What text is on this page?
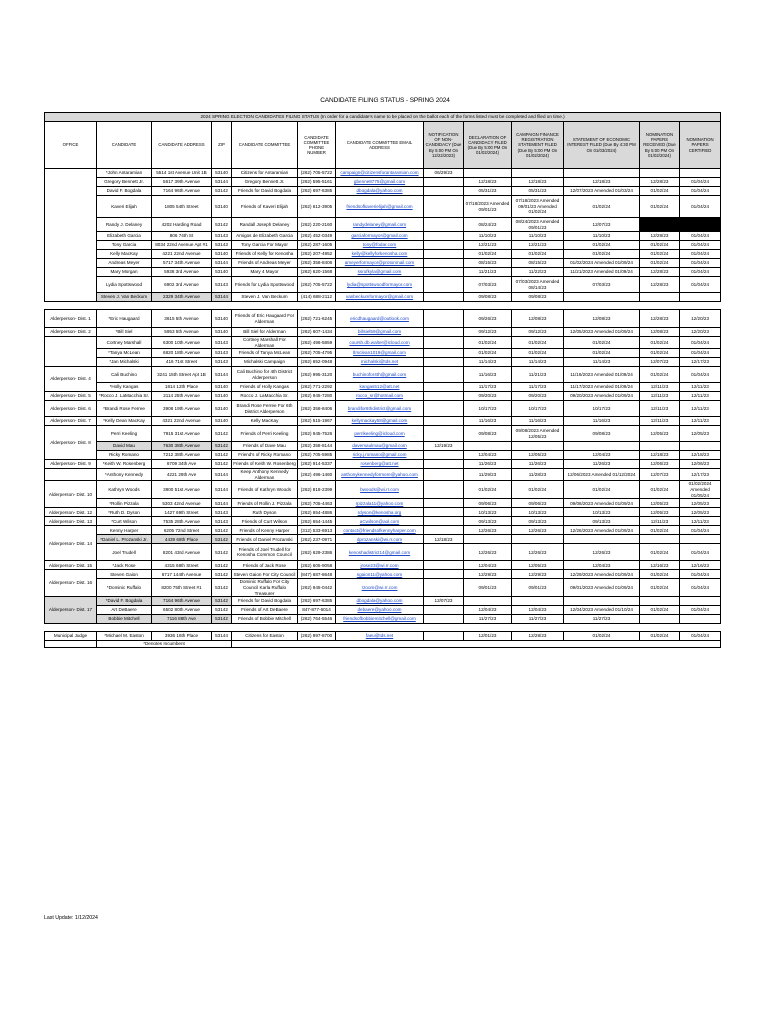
CANDIDATE FILING STATUS - SPRING 2024
2024 SPRING ELECTION CANDIDATES FILING STATUS (In order for a candidate's name to be placed on the ballot each of the forms listed must be completed and filed on time.)												
OFFICE	CANDIDATE	CANDIDATE ADDRESS	ZIP	CANDIDATE COMMITTEE	CANDIDATE COMMITTEE PHONE NUMBER	CANDIDATE COMMITTEE EMAIL ADDRESS	NOTIFICATION OF NON-CANDIDACY (Due By 5:00 PM On 12/22/2023)	DECLARATION OF CANDIDACY FILED (Due By 5:00 PM On 01/02/2024)	CAMPAIGN FINANCE REGISTRATION STATEMENT FILED (Due By 5:00 PM On 01/02/2024)	STATEMENT OF ECONOMIC INTEREST FILED (Due By 4:30 PM On 01/03/2024)	NOMINATION PAPERS RECEIVED (Due By 5:00 PM On 01/02/2024)	NOMINATION PAPERS CERTIFIED
	*John Antaramian	5514 1st Avenue Unit 1B	53140	Citizens for Antaramian	(262) 705-5722	campaign@citizensforantaramian.com	06/29/23					
	Gregory Bennett Jr.	5617 39th Avenue	53144	Gregory Bennett Jr.	(262) 595-5161	gbenne8775@gmail.com		12/18/23	12/18/23	12/18/23	12/28/23	01/04/24
	David F. Bogdala	7164 96th Avenue	53142	Friends for David Bogdala	(262) 697-6385	dbogdala@yahoo.com		05/31/23	05/31/23	12/07/2023 Amended 01/03/24	01/02/24	01/04/24
	Kaveri Elijah	1805 54th Street	53140	Friends of Kaveri Elijah	(262) 612-3905	friendsofkaverielijah@gmail.com		07/18/2023 Amended 09/01/23	07/18/2023 Amended 09/01/23 Amended 01/02/24	01/02/24	01/02/24	01/04/24
	Randy J. Delaney	4202 Harding Road	53142	Randall Joseph Delaney	(262) 220-2160	randydelaney@gmail.com		08/24/23	08/24/2023 Amended 09/01/23	12/07/23		
	Elizabeth Garcia	806 74th St	53143	Amigos de Elizabeth Garcia	(262) 452-0349	garciaformayor@gmail.com		11/10/23	11/10/23	11/10/23	12/28/23	01/04/24
	Tony Garcia	8034 22nd Avenue Apt #1	53143	Tony Garcia For Mayor	(262) 287-1605	tony@fodar.com		12/21/23	12/21/23	01/02/24	01/02/24	01/04/24
	Kelly MacKay	4221 22nd Avenue	53140	Friends of Kelly for Kenosha	(262) 207-4952	kelly@kellyforkenosha.com		01/02/24	01/02/24	01/02/24	01/02/24	01/04/24
	Andreas Meyer	5717 34th Avenue	53144	Friends of Andreas Meyer	(262) 358-8406	ameyerformayor@protonmail.com		08/15/23	08/15/23	01/02/2024 Amended 01/09/24	01/02/24	01/04/24
	Mary Morgan	5938 3rd Avenue	53140	Mary 4 Mayor	(262) 620-1568	ssrufkyla@gmail.com		11/21/23	11/22/23	11/21/2023 Amended 01/09/24	12/28/23	01/04/24
	Lydia Spottswood	6902 3rd Avenue	53143	Friends for Lydia Spottswood	(262) 705-5722	lydia@spottswoodformayor.com		07/03/23	07/03/2023 Amended 08/14/23	07/03/23	12/28/23	01/04/24
	Steven J. Van Beckum	2329 34th Avenue	53144	Steven J. Van Beckum	(414) 688-2112	vanbeckumformayor@gmail.com		09/08/23	09/08/23			

Alderperson- Dist. 1	*Eric Haugaard	3615 5th Avenue	53140	Friends of Eric Haugaard For Alderman	(262) 721-6245	ericdhaugaard@outlook.com		09/26/23	12/08/23	12/08/23	12/28/23	12/20/23
Alderperson- Dist. 2	*Bill Siel	5953 5th Avenue	53140	Bill Siel for Alderman	(262) 607-1434	billsiel59@gmail.com		09/12/23	09/12/23	12/05/2023 Amended 01/09/24	12/08/23	12/20/23
	Cortney Marshall	6300 10th Avenue	53143	Cortney Marshall For Alderman	(262) 496-5859	coursh.db.walter@icloud.com		01/02/24	01/02/24	01/02/24	01/02/24	01/04/24
	*Tanya McLean	6820 18th Avenue	53143	Friends of Tanya McLean	(262) 705-4795	tlmclean1019@gmail.com		01/02/24	01/02/24	01/02/24	01/02/24	01/04/24
	*Jan Michalski	416 71st Street	53143	Michalski Campaign	(262) 652-0948	michalski@tds.net		11/14/23	11/14/23	11/14/23	12/07/23	12/17/23
Alderperson- Dist. 4	Cali Buchino	3241 15th Street Apt 1B	53144	Cali Buchino for 4th District Alderperson	(262) 995-3120	buchinofor4th@gmail.com		11/16/23	11/21/23	11/16/2023 Amended 01/09/24	01/02/24	01/04/24
	*Holly Kangas	1814 12th Place	53140	Friends of Holly Kangas	(262) 771-2292	kangas512@att.net		11/17/23	11/17/23	11/17/2023 Amended 01/09/24	12/11/23	12/11/23
Alderperson- Dist. 5	*Rocco J. LaMacchia Sr.	2114 25th Avenue	53140	Rocco J. LaMacchia Sr.	(262) 945-7280	rocco_sr@hotmail.com		09/20/23	09/20/23	09/20/2023 Amended 01/09/24	12/11/23	12/11/23
Alderperson- Dist. 6	*Brandi Rose Ferree	3908 19th Avenue	53140	Brandi Rose Ferree For 6th District Alderperson	(262) 358-8406	brandifor6thdistrict@gmail.com		10/17/23	10/17/23	10/17/23	12/11/23	12/11/23
Alderperson- Dist. 7	*Kelly Dean MacKay	4321 22nd Avenue	53140	Kelly MacKay	(262) 515-1967	kellymackay58@gmail.com		11/16/23	11/16/23	11/16/23	12/11/23	12/11/23
Alderperson- Dist. 8	Perri Keeling	7915 31st Avenue	53142	Friends of Perri Keeling	(262) 945-7526	perrikeeling@icloud.com		09/08/23	09/08/2023 Amended 12/05/23	09/08/23	12/05/23	12/05/23
	David Mau	7630 38th Avenue	53142	Friends of Dave Mau	(262) 358-8144	davemaulmau@gmail.com	12/19/23					
	Ricky Romano	7212 38th Avenue	53142	Friend's of Ricky Romano	(262) 705-5985	ricky.j.romano@gmail.com		12/04/23	12/05/23	12/04/23	12/18/23	12/18/23
Alderperson- Dist. 9	*Keith W. Rosenberg	6709 34th Ave	53142	Friends of Keith W. Rosenberg	(262) 914-5337	rosenberg@att.net		11/26/23	11/26/23	11/26/23	12/06/23	12/06/23
	*Anthony Kennedy	4221 29th Ave	53144	Keep Anthony Kennedy Alderman	(262) 496-1460	anthonykennedyformore@yahoo.com		11/29/23	11/28/23	12/06/2023 Amended 01/12/2024	12/07/23	12/17/23
Alderperson- Dist. 10	Kathryn Woods	3900 51st Avenue	53144	Friends of Kathryn Woods	(262) 818-2399	bwoods@wi.rr.com		01/02/24	01/02/24	01/02/24	01/02/24	01/02/2024 Amended 01/05/24
	*Rollin Pizzala	5303 42nd Avenue	53144	Friends of Rollin J. Pizzala	(262) 705-4463	rpizzala11@yahoo.com		09/06/23	09/06/23	09/06/2023 Amended 01/09/24	12/05/23	12/05/23
Alderperson- Dist. 12	*Ruth D. Dyson	1427 69th Street	53143	Ruth Dyson	(262) 654-4886	rdyson@kenosha.org		10/13/23	10/13/23	10/13/23	12/05/23	12/05/23
Alderperson- Dist. 13	*Curt Wilson	7535 28th Avenue	53143	Friends of Curt Wilson	(262) 654-1445	aCwilson@aol.com		09/13/23	09/13/23	09/13/23	12/11/23	12/11/23
Alderperson- Dist. 14	Kenny Harper	6205 72nd Street	53142	Friends of Kenny Harper	(312) 533-6913	contact@friendsofkennyharper.com		12/26/23	12/26/23	12/26/2023 Amended 01/09/24	01/02/24	01/04/24
	*Daniel L. Prozanski Jr.	4439 68th Place	53142	Friends of Daniel Prozanski	(262) 237-0971	dprozanski@wi.rr.com	12/18/23					
	Joel Trudell	8201 43rd Avenue	53142	Friends of Joel Trudell for Kenosha Common Council	(262) 629-2386	kenoshadistrict14@gmail.com		12/26/23	12/26/23	12/26/23	01/02/24	01/04/24
Alderperson- Dist. 15	*Jack Rose	4315 68th Street	53142	Friends of Jack Rose	(262) 605-9058	jrose23@wi.rr.com		12/04/23	12/05/23	12/04/23	12/16/23	12/16/23
Alderperson- Dist. 16	Steven Gaion	6717 144th Avenue	53142	Steven Gaion For City Council	(847) 687-8648	sgaion11@yahoo.com		12/29/23	12/29/23	12/29/2023 Amended 01/09/24	01/02/24	01/04/24
	*Dominic Ruffalo	8200 75th Street #1	53142	Dominic Ruffalo For City Council Karla Ruffalo Treasurer	(262) 945-0442	rzoom@wi.rr.com		09/01/23	09/01/23	09/01/2023 Amended 01/09/24	01/02/24	01/04/24
Alderperson- Dist. 17	*David F. Bogdala	7164 96th Avenue	53142	Friends for David Bogdala	(262) 697-6385	dbogdala@yahoo.com	12/07/23					
	Art DeBaere	6502 80th Avenue	53142	Friends of Art DeBaere	847-877-6014	debaere@yahoo.com		12/04/23	12/04/23	12/04/2023 Amended 01/10/24	01/02/24	01/04/24
	Bobbie Mitchell	7116 88th Ave	53142	Friends of Bobbie Mitchell	(262) 764-5546	friendsofbobbiemitchell@gmail.com		11/27/23	11/27/23	11/27/23		

Municipal Judge	*Michael M. Easton	3936 16th Place	53144	Citizens for Easton	(262) 997-8700	faeu@tds.net		12/01/23	12/28/23	01/02/24	01/02/24	01/04/24
	*Denotes Incumbent											
Last Update: 1/12/2024
